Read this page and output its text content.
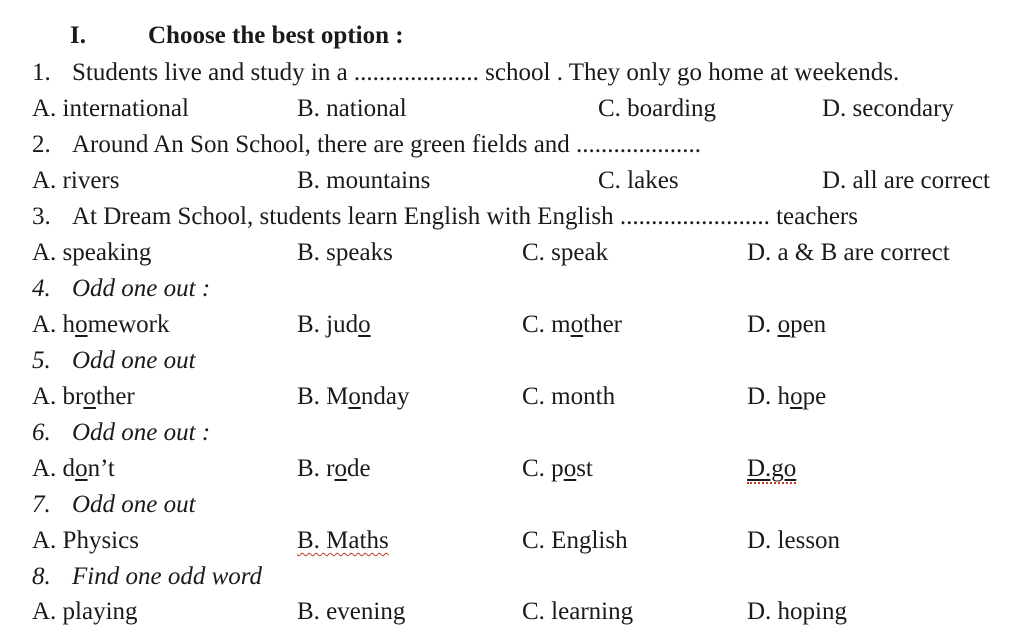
I. Choose the best option :
1. Students live and study in a .................... school . They only go home at weekends.
A. international	B. national	C. boarding	D. secondary
2. Around An Son School, there are green fields and ....................
A. rivers	B. mountains	C. lakes	D. all are correct
3. At Dream School, students learn English with English ........................ teachers
A. speaking	B. speaks	C. speak	D. a & B are correct
4. Odd one out :
A. homework	B. judo	C. mother	D. open
5. Odd one out
A. brother	B. Monday	C. month	D. hope
6. Odd one out :
A. don’t	B. rode	C. post	D.go
7. Odd one out
A. Physics	B. Maths	C. English	D. lesson
8. Find one odd word
A. playing	B. evening	C. learning	D. hoping
